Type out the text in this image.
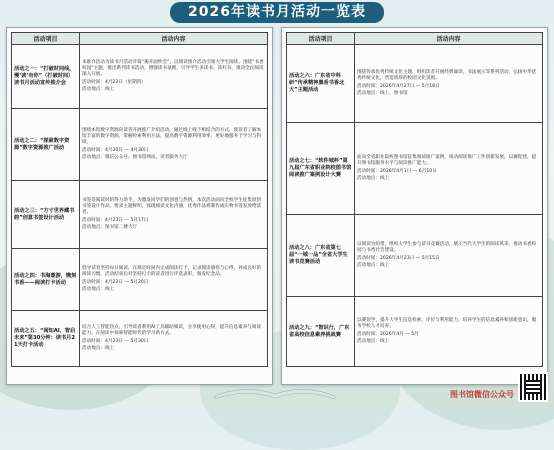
2026年读书月活动一览表
活动项目	活动内容
活动之一：“打破时间线，慢‘读’有你”（打破时间）读书月活动宣传推介会	本推介活动为读书月活动开篇“揭开面纱会”，以阅读推介活动引领大学生阅读，围绕“书香校园”主题，推出系列读书活动，增强读书氛围，引导学生多读书、读好书，推动全民阅读深入开展。
活动时间：4月23日（星期四）
活动地点：线上

活动之二：“探索数字资源”数字资源推广活动	围绕本馆数字资源向读者开展推广介绍活动，通过线上线下相结合的方式，使读者了解本馆丰富的数字资源，掌握检索利用方法，提高数字资源利用效率，更好地服务于学习与科研。
活动时间：4月20日 — 4月30日
活动地点：微信公众号、图书馆网站、读者服务大厅

活动之三：“方寸世界藏书韵”创意书签设计活动	书签是阅读时的得力助手，为激发同学们的创意与热情，本次活动面向全校学生征集原创书签设计作品，要求主题鲜明，体现阅读文化内涵，优秀作品将制作成实物书签发放给读者。
活动时间：4月23日 — 5月17日
活动地点：图书馆二楼大厅

活动之四：书海遨游，镌刻书香——阅读打卡活动	倡导读者坚持每日阅读，在规定时间内完成阅读打卡，记录阅读感悟与心得，养成良好的阅读习惯。活动结束后对坚持打卡的读者进行评选表彰，颁发纪念品。
活动时间：4月23日 — 5月20日
活动地点：线上

活动之五：“阅知AI，智启未来”第30分钟：读书月21天打卡活动	结合人工智能热点，引导读者利用AI工具辅助阅读，分享使用心得，提升信息素养与阅读能力，在阅读中探索智能时代的学习新方式。
活动时间：4月23日 — 5月30日
活动地点：线上
活动项目	活动内容
活动之六：广东省中科研“传承精神墨香书香北大”主题活动	围绕传承优秀传统文化主题，组织读者开展经典诵读、书法展示等系列活动，弘扬中华优秀传统文化，营造浓厚的校园文化氛围。
活动时间：2026年4月27日 — 5月18日
活动地点：线上、图书馆

活动之七：“软件城杯”第九届广东省职业院校图书馆阅读推广案例设计大赛	面向全省职业院校图书馆征集阅读推广案例，推动阅读推广工作创新发展，以赛促建，提升图书馆服务水平与阅读推广能力。
活动时间：2026年4月1日 — 6月10日
活动地点：线上

活动之八：广东省第七届“一城一品”全省大学生读书竞赛活动	以阅读为纽带，组织大学生参与读书竞赛活动，展示当代大学生的阅读风采，推动书香校园与书香社会建设。
活动时间：2026年4月23日 — 5月15日
活动地点：线上

活动之九：“智识行，广东省高校信息素养挑战赛	以赛促学，提升大学生信息检索、评价与利用能力，培养学生的信息素养和创新意识，服务学校人才培养。
活动时间：2026年4月 — 5月
活动地点：线上
图书馆微信公众号
